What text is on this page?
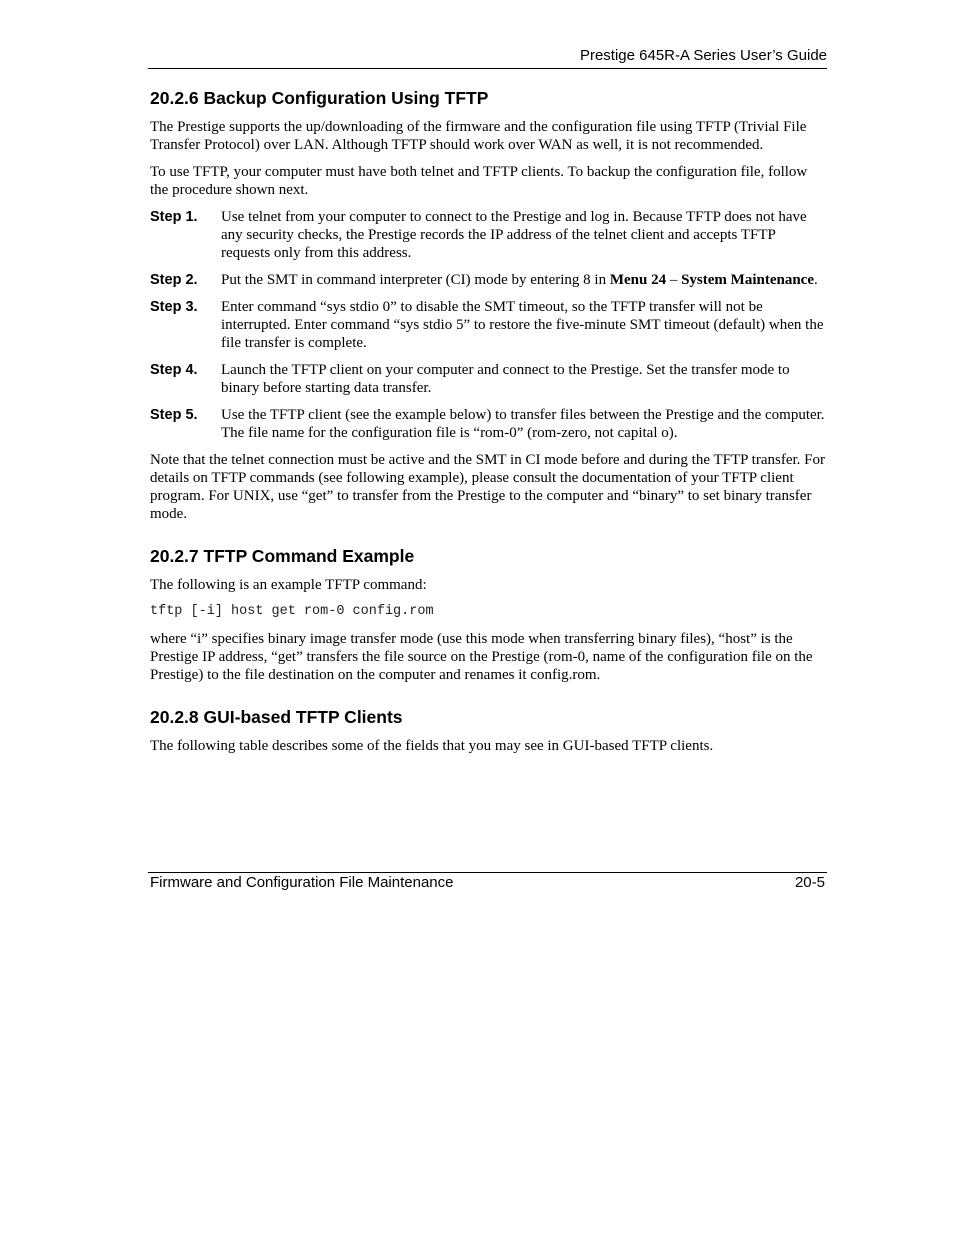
Prestige 645R-A Series User’s Guide
20.2.6 Backup Configuration Using TFTP

The Prestige supports the up/downloading of the firmware and the configuration file using TFTP (Trivial File Transfer Protocol) over LAN. Although TFTP should work over WAN as well, it is not recommended.

To use TFTP, your computer must have both telnet and TFTP clients. To backup the configuration file, follow the procedure shown next.

Step 1.	Use telnet from your computer to connect to the Prestige and log in. Because TFTP does not have any security checks, the Prestige records the IP address of the telnet client and accepts TFTP requests only from this address.
Step 2.	Put the SMT in command interpreter (CI) mode by entering 8 in Menu 24 – System Maintenance.
Step 3.	Enter command “sys stdio 0” to disable the SMT timeout, so the TFTP transfer will not be interrupted. Enter command “sys stdio 5” to restore the five-minute SMT timeout (default) when the file transfer is complete.
Step 4.	Launch the TFTP client on your computer and connect to the Prestige. Set the transfer mode to binary before starting data transfer.
Step 5.	Use the TFTP client (see the example below) to transfer files between the Prestige and the computer. The file name for the configuration file is “rom-0” (rom-zero, not capital o).

Note that the telnet connection must be active and the SMT in CI mode before and during the TFTP transfer. For details on TFTP commands (see following example), please consult the documentation of your TFTP client program. For UNIX, use “get” to transfer from the Prestige to the computer and “binary” to set binary transfer mode.

20.2.7 TFTP Command Example

The following is an example TFTP command:

tftp [-i] host get rom-0 config.rom

where “i” specifies binary image transfer mode (use this mode when transferring binary files), “host” is the Prestige IP address, “get” transfers the file source on the Prestige (rom-0, name of the configuration file on the Prestige) to the file destination on the computer and renames it config.rom.

20.2.8 GUI-based TFTP Clients

The following table describes some of the fields that you may see in GUI-based TFTP clients.

Firmware and Configuration File Maintenance	20-5
